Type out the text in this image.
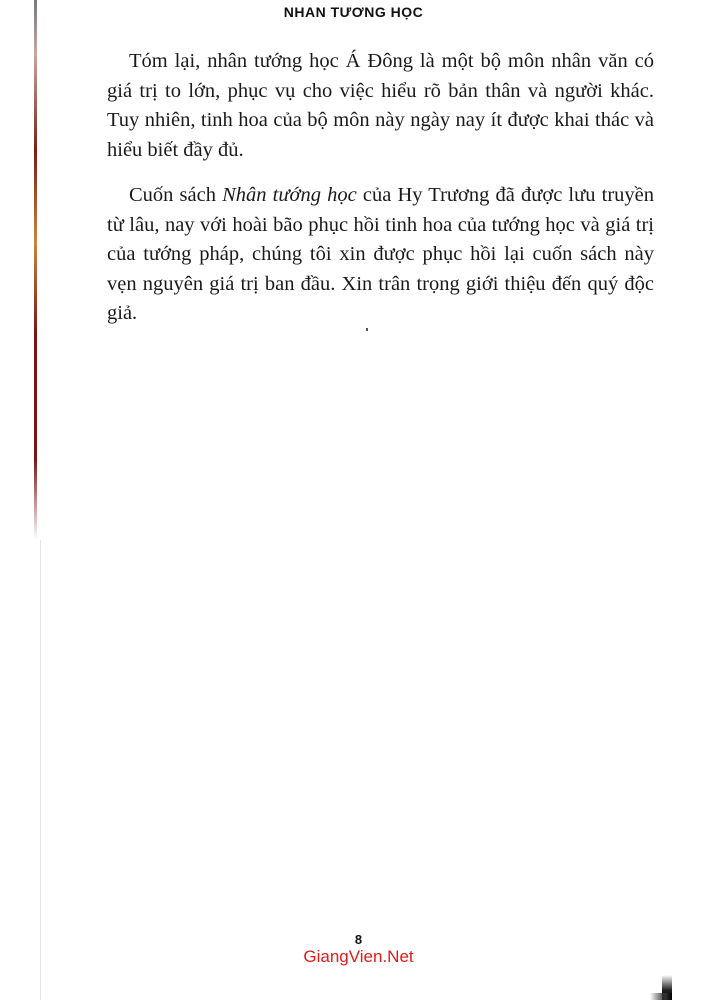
NHAN TƯƠNG HỌC

Tóm lại, nhân tướng học Á Đông là một bộ môn nhân văn có giá trị to lớn, phục vụ cho việc hiểu rõ bản thân và người khác. Tuy nhiên, tinh hoa của bộ môn này ngày nay ít được khai thác và hiểu biết đầy đủ.

Cuốn sách Nhân tướng học của Hy Trương đã được lưu truyền từ lâu, nay với hoài bão phục hồi tinh hoa của tướng học và giá trị của tướng pháp, chúng tôi xin được phục hồi lại cuốn sách này vẹn nguyên giá trị ban đầu. Xin trân trọng giới thiệu đến quý độc giả.

8
GiangVien.Net
